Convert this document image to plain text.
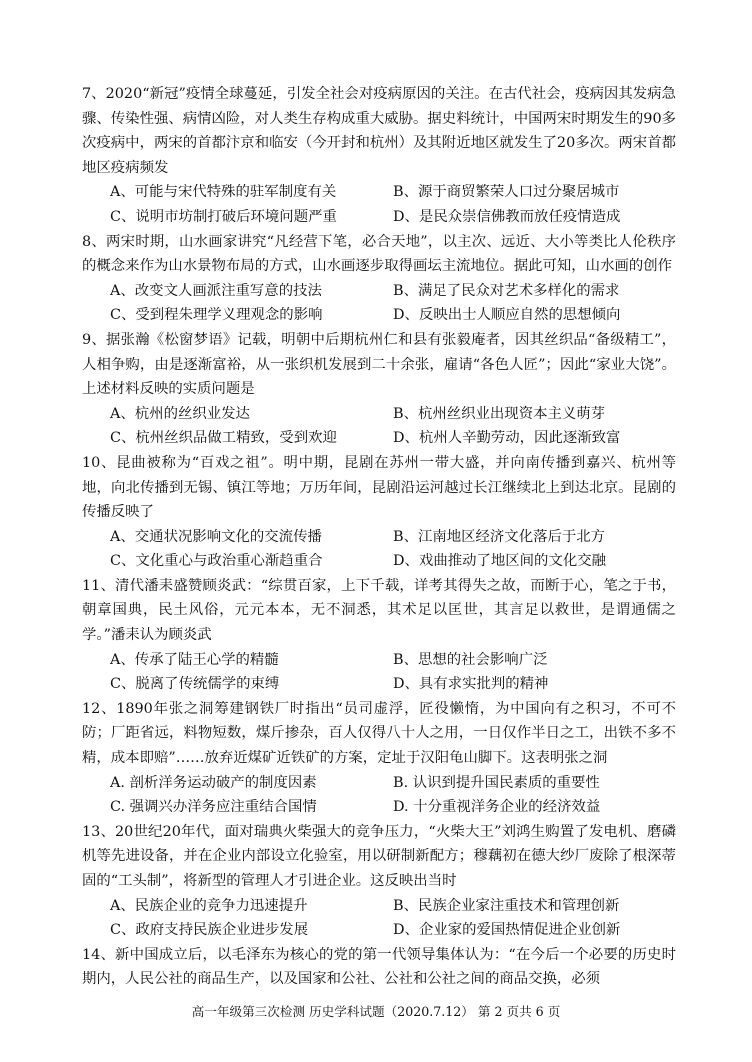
7、2020“新冠”疫情全球蔓延，引发全社会对疫病原因的关注。在古代社会，疫病因其发病急骤、传染性强、病情凶险，对人类生存构成重大威胁。据史料统计，中国两宋时期发生的90多次疫病中，两宋的首都汴京和临安（今开封和杭州）及其附近地区就发生了20多次。两宋首都地区疫病频发

A、可能与宋代特殊的驻军制度有关	B、源于商贸繁荣人口过分聚居城市
C、说明市坊制打破后环境问题严重	D、是民众崇信佛教而放任疫情造成

8、两宋时期，山水画家讲究“凡经营下笔，必合天地”，以主次、远近、大小等类比人伦秩序的概念来作为山水景物布局的方式，山水画逐步取得画坛主流地位。据此可知，山水画的创作

A、改变文人画派注重写意的技法	B、满足了民众对艺术多样化的需求
C、受到程朱理学义理观念的影响	D、反映出士人顺应自然的思想倾向

9、据张瀚《松窗梦语》记载，明朝中后期杭州仁和县有张毅庵者，因其丝织品“备级精工”，人相争购，由是逐渐富裕，从一张织机发展到二十余张，雇请“各色人匠”；因此“家业大饶”。上述材料反映的实质问题是

A、杭州的丝织业发达	B、杭州丝织业出现资本主义萌芽
C、杭州丝织品做工精致，受到欢迎	D、杭州人辛勤劳动，因此逐渐致富

10、昆曲被称为“百戏之祖”。明中期，昆剧在苏州一带大盛，并向南传播到嘉兴、杭州等地，向北传播到无锡、镇江等地；万历年间，昆剧沿运河越过长江继续北上到达北京。昆剧的传播反映了

A、交通状况影响文化的交流传播	B、江南地区经济文化落后于北方
C、文化重心与政治重心渐趋重合	D、戏曲推动了地区间的文化交融

11、清代潘耒盛赞顾炎武：“综贯百家，上下千载，详考其得失之故，而断于心，笔之于书，朝章国典，民土风俗，元元本本，无不洞悉，其术足以匡世，其言足以救世，是谓通儒之学。”潘耒认为顾炎武

A、传承了陆王心学的精髓	B、思想的社会影响广泛
C、脱离了传统儒学的束缚	D、具有求实批判的精神

12、1890年张之洞筹建钢铁厂时指出“员司虚浮，匠役懒惰，为中国向有之积习，不可不防；厂距省远，料物短数，煤斤掺杂，百人仅得八十人之用，一日仅作半日之工，出铁不多不精，成本即赔”……放弃近煤矿近铁矿的方案，定址于汉阳龟山脚下。这表明张之洞

A. 剖析洋务运动破产的制度因素	B. 认识到提升国民素质的重要性
C. 强调兴办洋务应注重结合国情	D. 十分重视洋务企业的经济效益

13、20世纪20年代，面对瑞典火柴强大的竞争压力，“火柴大王”刘鸿生购置了发电机、磨磷机等先进设备，并在企业内部设立化验室，用以研制新配方；穆藕初在德大纱厂废除了根深蒂固的“工头制”，将新型的管理人才引进企业。这反映出当时

A、民族企业的竞争力迅速提升	B、民族企业家注重技术和管理创新
C、政府支持民族企业进步发展	D、企业家的爱国热情促进企业创新

14、新中国成立后，以毛泽东为核心的党的第一代领导集体认为：“在今后一个必要的历史时期内，人民公社的商品生产，以及国家和公社、公社和公社之间的商品交换，必须

高一年级第三次检测 历史学科试题（2020.7.12） 第 2 页共 6 页
